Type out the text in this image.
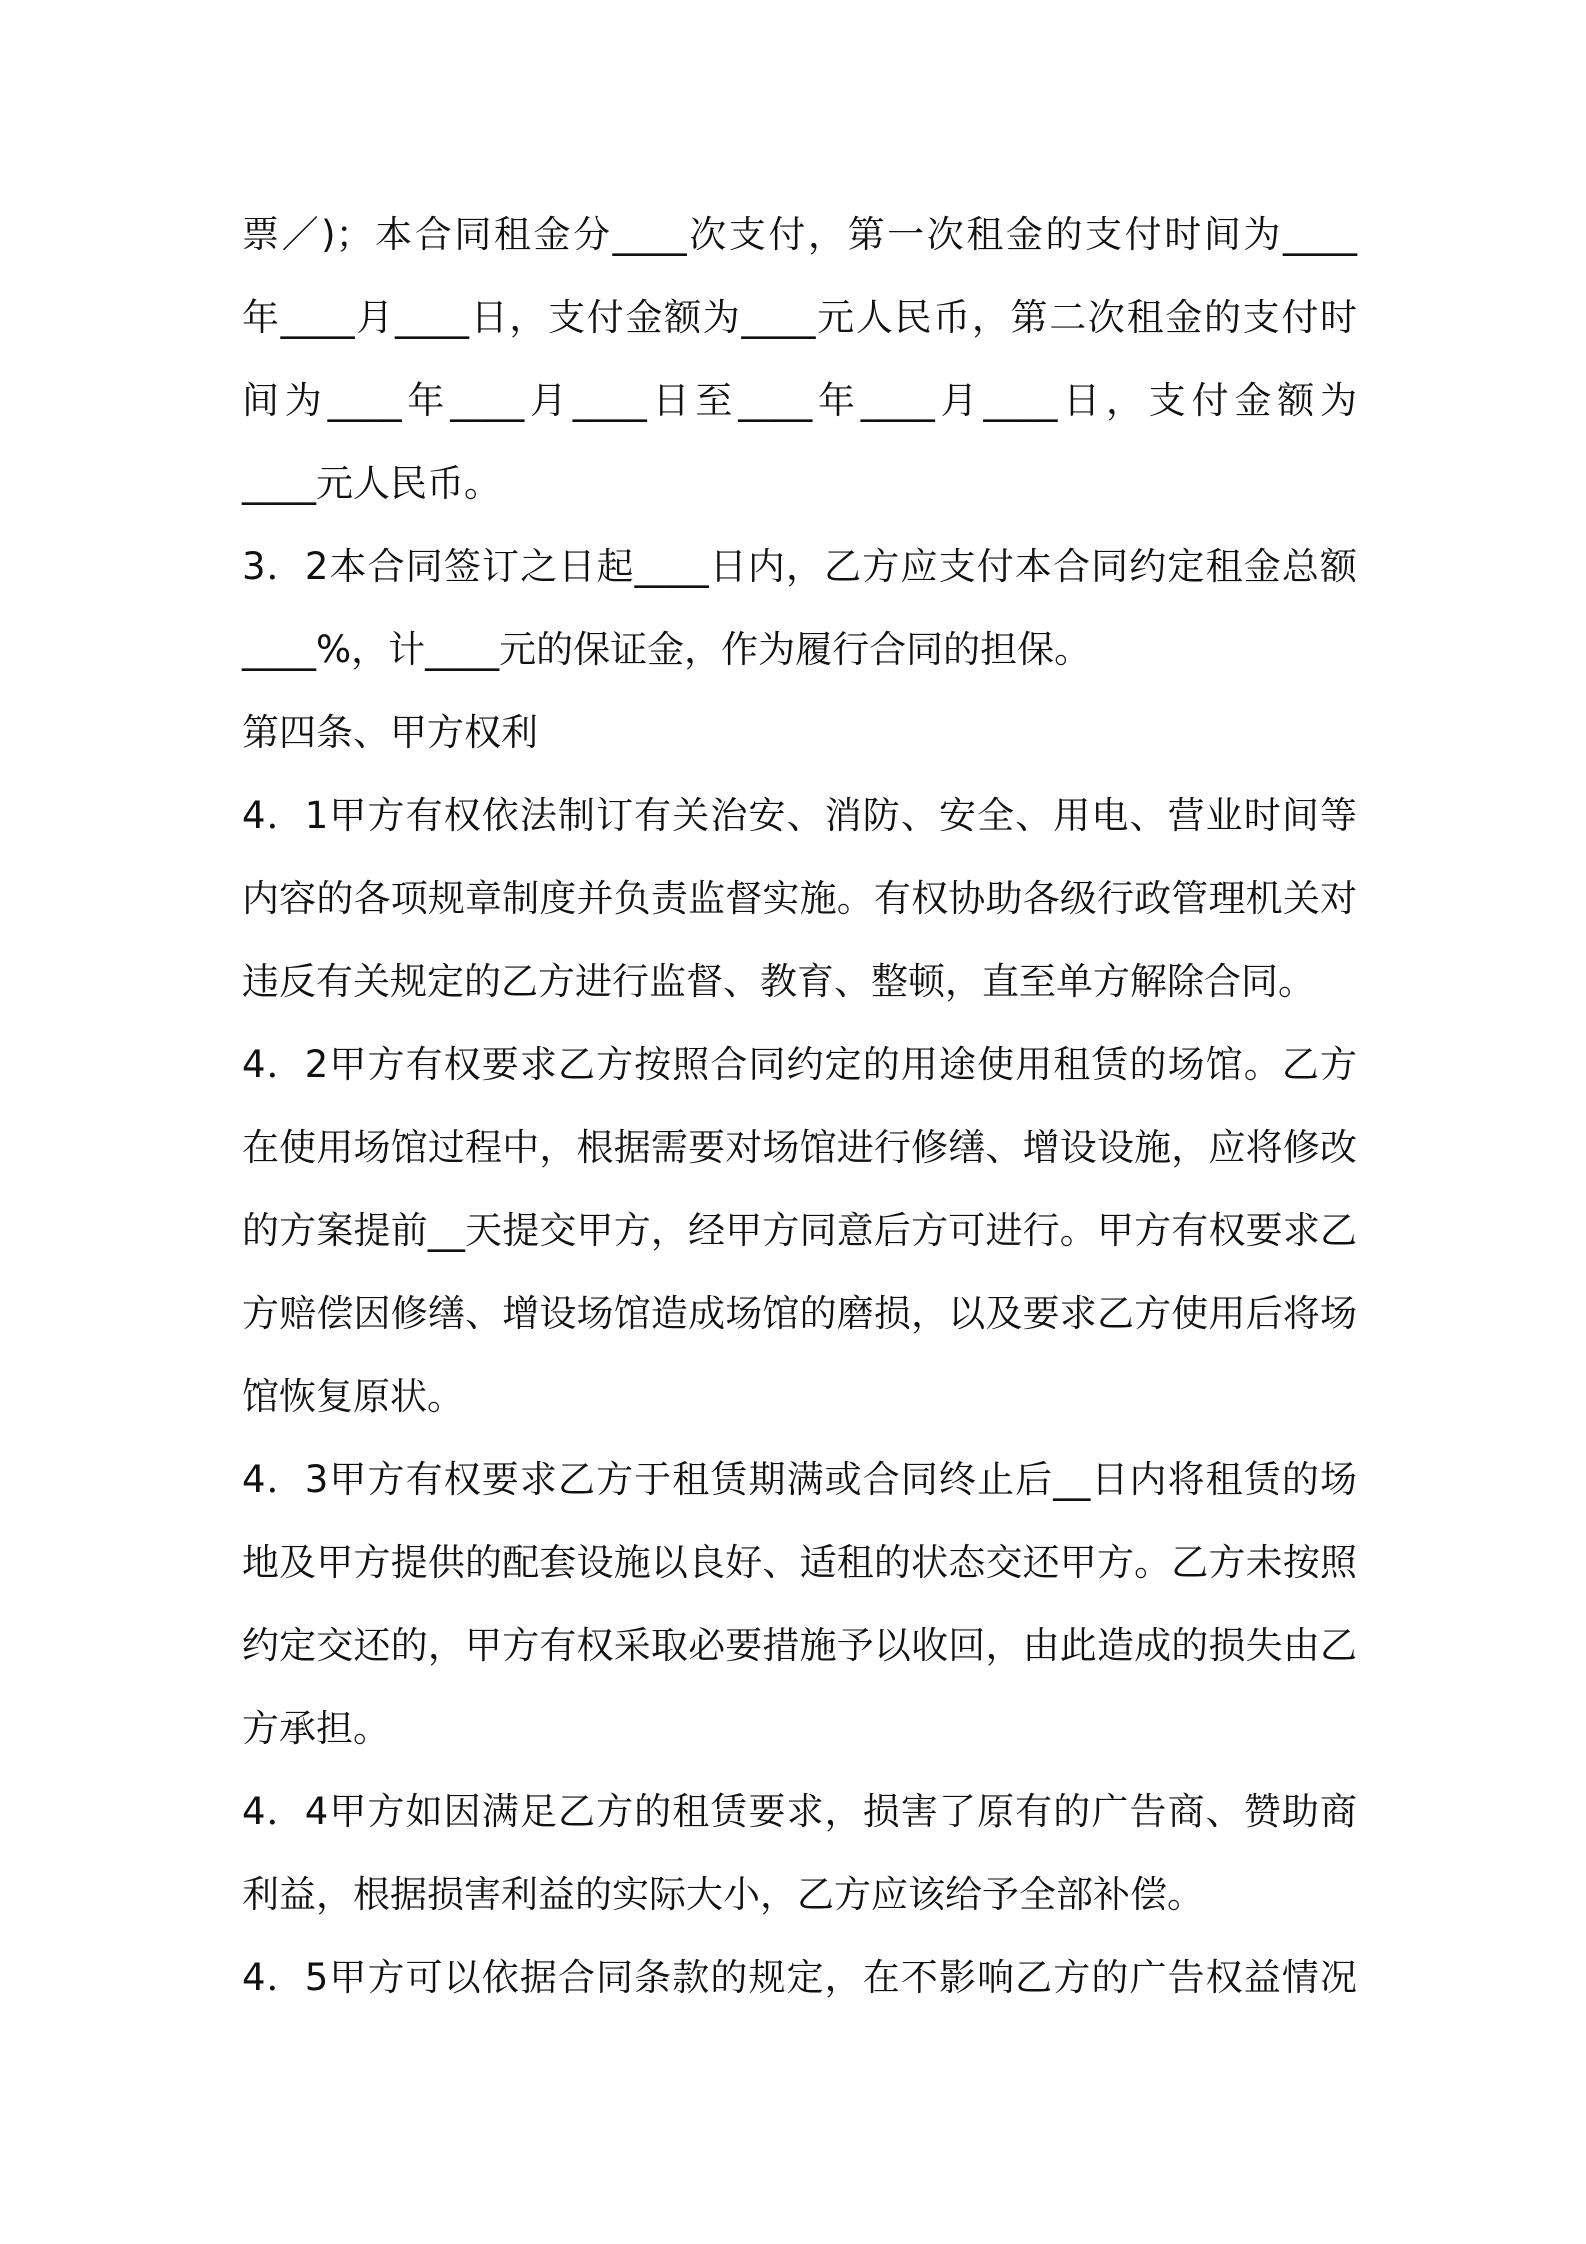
票／)；本合同租金分____次支付，第一次租金的支付时间为____
年____月____日，支付金额为____元人民币，第二次租金的支付时
间为____年____月____日至____年____月____日，支付金额为
____元人民币。
3．2本合同签订之日起____日内，乙方应支付本合同约定租金总额
____%，计____元的保证金，作为履行合同的担保。
第四条、甲方权利
4．1甲方有权依法制订有关治安、消防、安全、用电、营业时间等
内容的各项规章制度并负责监督实施。有权协助各级行政管理机关对
违反有关规定的乙方进行监督、教育、整顿，直至单方解除合同。
4．2甲方有权要求乙方按照合同约定的用途使用租赁的场馆。乙方
在使用场馆过程中，根据需要对场馆进行修缮、增设设施，应将修改
的方案提前__天提交甲方，经甲方同意后方可进行。甲方有权要求乙
方赔偿因修缮、增设场馆造成场馆的磨损，以及要求乙方使用后将场
馆恢复原状。
4．3甲方有权要求乙方于租赁期满或合同终止后__日内将租赁的场
地及甲方提供的配套设施以良好、适租的状态交还甲方。乙方未按照
约定交还的，甲方有权采取必要措施予以收回，由此造成的损失由乙
方承担。
4．4甲方如因满足乙方的租赁要求，损害了原有的广告商、赞助商
利益，根据损害利益的实际大小，乙方应该给予全部补偿。
4．5甲方可以依据合同条款的规定，在不影响乙方的广告权益情况
